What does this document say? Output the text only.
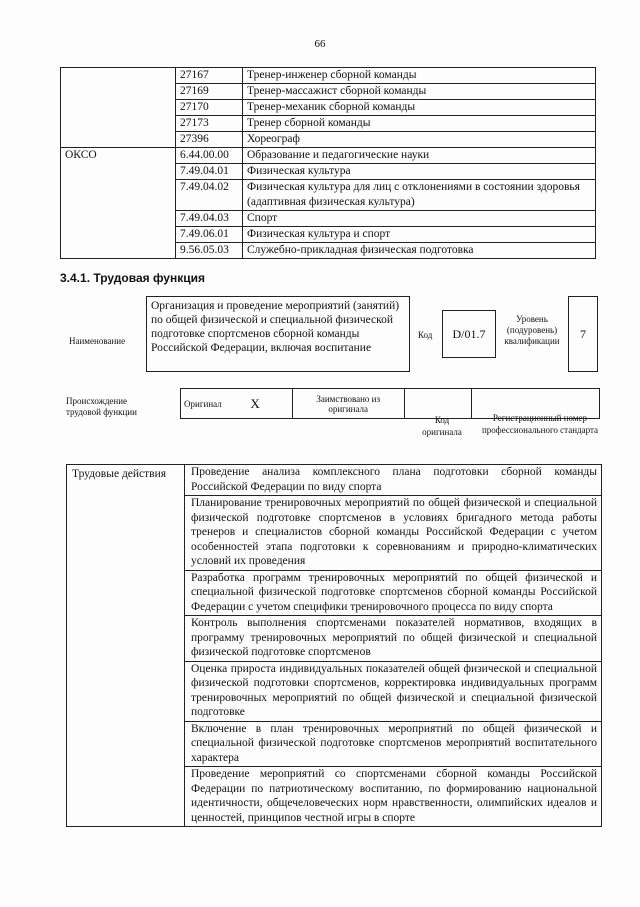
66
	27167	Тренер-инженер сборной команды
	27169	Тренер-массажист сборной команды
	27170	Тренер-механик сборной команды
	27173	Тренер сборной команды
	27396	Хореограф
ОКСО	6.44.00.00	Образование и педагогические науки
	7.49.04.01	Физическая культура
	7.49.04.02	Физическая культура для лиц с отклонениями в состоянии здоровья (адаптивная физическая культура)
	7.49.04.03	Спорт
	7.49.06.01	Физическая культура и спорт
	9.56.05.03	Служебно-прикладная физическая подготовка
3.4.1. Трудовая функция
Наименование
Организация и проведение мероприятий (занятий) по общей физической и специальной физической подготовке спортсменов сборной команды Российской Федерации, включая воспитание
Код	D/01.7
Уровень (подуровень) квалификации	7
Происхождение трудовой функции
Оригинал	X	Заимствовано из оригинала		
Код оригинала
Регистрационный номер профессионального стандарта
Трудовые действия	Проведение анализа комплексного плана подготовки сборной команды Российской Федерации по виду спорта
Планирование тренировочных мероприятий по общей физической и специальной физической подготовке спортсменов в условиях бригадного метода работы тренеров и специалистов сборной команды Российской Федерации с учетом особенностей этапа подготовки к соревнованиям и природно-климатических условий их проведения
Разработка программ тренировочных мероприятий по общей физической и специальной физической подготовке спортсменов сборной команды Российской Федерации с учетом специфики тренировочного процесса по виду спорта
Контроль выполнения спортсменами показателей нормативов, входящих в программу тренировочных мероприятий по общей физической и специальной физической подготовке спортсменов
Оценка прироста индивидуальных показателей общей физической и специальной физической подготовки спортсменов, корректировка индивидуальных программ тренировочных мероприятий по общей физической и специальной физической подготовке
Включение в план тренировочных мероприятий по общей физической и специальной физической подготовке спортсменов мероприятий воспитательного характера
Проведение мероприятий со спортсменами сборной команды Российской Федерации по патриотическому воспитанию, по формированию национальной идентичности, общечеловеческих норм нравственности, олимпийских идеалов и ценностей, принципов честной игры в спорте
